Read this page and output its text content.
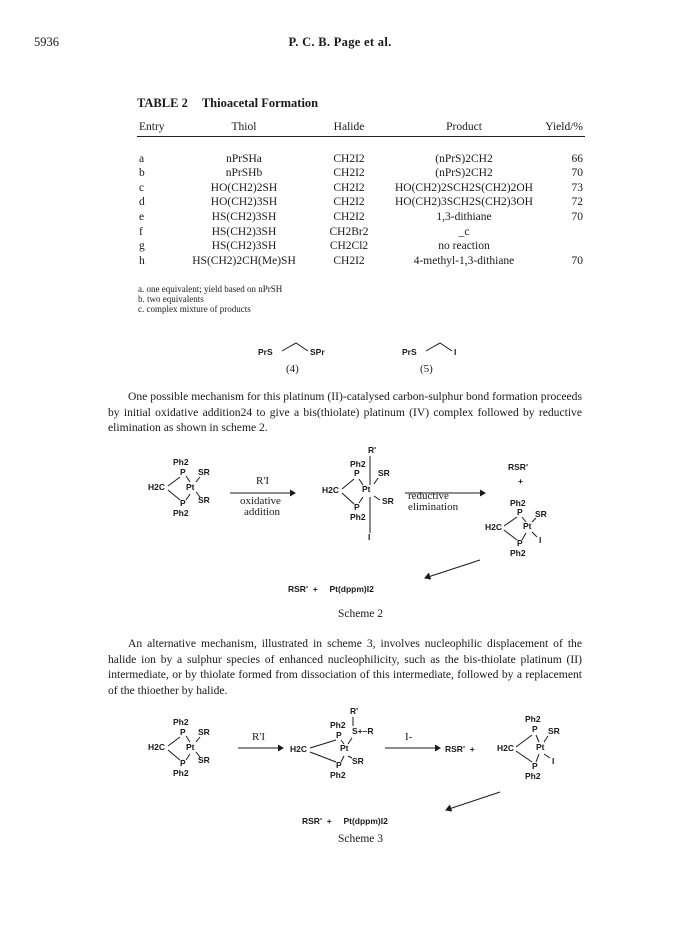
5936	P. C. B. Page et al.
TABLE 2 Thioacetal Formation
Entry	Thiol	Halide	Product	Yield/%

a	nPrSHa	CH2I2	(nPrS)2CH2	66
b	nPrSHb	CH2I2	(nPrS)2CH2	70
c	HO(CH2)2SH	CH2I2	HO(CH2)2SCH2S(CH2)2OH	73
d	HO(CH2)3SH	CH2I2	HO(CH2)3SCH2S(CH2)3OH	72
e	HS(CH2)3SH	CH2I2	1,3-dithiane	70
f	HS(CH2)3SH	CH2Br2	_c	
g	HS(CH2)3SH	CH2Cl2	no reaction	
h	HS(CH2)2CH(Me)SH	CH2I2	4-methyl-1,3-dithiane	70
a. one equivalent; yield based on nPrSH
b. two equivalents
c. complex mixture of products
PrS	SPr
(4)
PrS	I
(5)
One possible mechanism for this platinum (II)-catalysed carbon-sulphur bond formation proceeds by initial oxidative addition24 to give a bis(thiolate) platinum (IV) complex followed by reductive elimination as shown in scheme 2.
Ph2
P SR
H2C Pt
SR
P
Ph2
R'I
oxidative
addition
R'
Ph2
P SR
H2C	Pt
SR
P
Ph2
I
reductive
elimination
RSR'
+
Ph2
P SR
H2C Pt
I
P
Ph2
RSR'  +     Pt(dppm)I2
Scheme 2
An alternative mechanism, illustrated in scheme 3, involves nucleophilic displacement of the halide ion by a sulphur species of enhanced nucleophilicity, such as the bis-thiolate platinum (II) intermediate, or by thiolate formed from dissociation of this intermediate, followed by a replacement of the thioether by halide.
Ph2
P SR
H2C Pt
SR
P
Ph2
R'I
R'
Ph2
P S+–R
H2C	Pt
SR
P
Ph2
I-
RSR'  +
Ph2
P SR
H2C	Pt
I
P
Ph2
RSR'  +     Pt(dppm)I2
Scheme 3
